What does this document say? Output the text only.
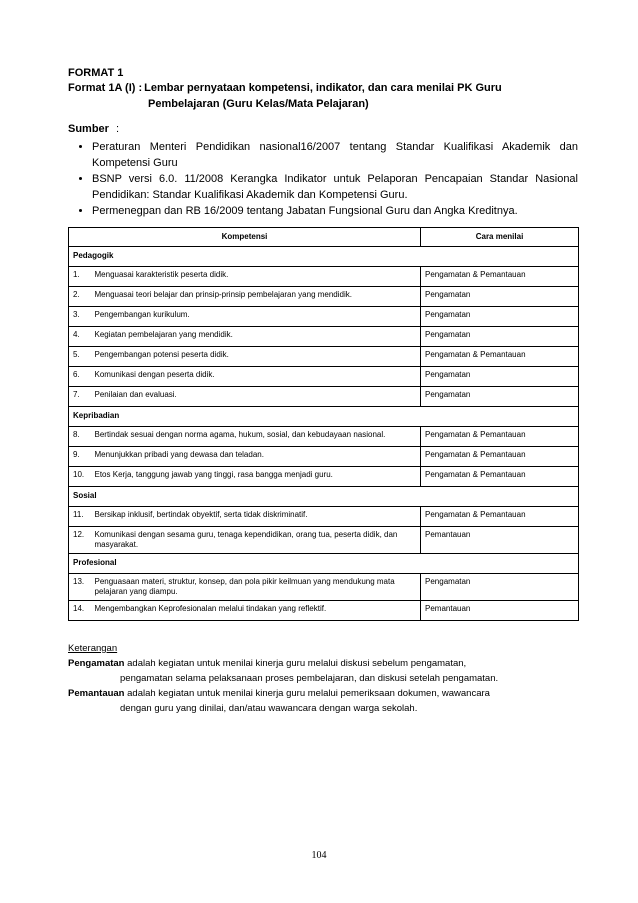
FORMAT 1
Format 1A (I) : Lembar pernyataan kompetensi, indikator, dan cara menilai PK Guru
Pembelajaran (Guru Kelas/Mata Pelajaran)
Sumber :
• Peraturan Menteri Pendidikan nasional16/2007 tentang Standar Kualifikasi Akademik dan Kompetensi Guru
• BSNP versi 6.0. 11/2008 Kerangka Indikator untuk Pelaporan Pencapaian Standar Nasional Pendidikan: Standar Kualifikasi Akademik dan Kompetensi Guru.
• Permenegpan dan RB 16/2009 tentang Jabatan Fungsional Guru dan Angka Kreditnya.
Kompetensi		Cara menilai
Pedagogik		
1.	Menguasai karakteristik peserta didik.	Pengamatan & Pemantauan
2.	Menguasai teori belajar dan prinsip-prinsip pembelajaran yang mendidik.	Pengamatan
3.	Pengembangan kurikulum.	Pengamatan
4.	Kegiatan pembelajaran yang mendidik.	Pengamatan
5.	Pengembangan potensi peserta didik.	Pengamatan & Pemantauan
6.	Komunikasi dengan peserta didik.	Pengamatan
7.	Penilaian dan evaluasi.	Pengamatan
Kepribadian		
8.	Bertindak sesuai dengan norma agama, hukum, sosial, dan kebudayaan nasional.	Pengamatan & Pemantauan
9.	Menunjukkan pribadi yang dewasa dan teladan.	Pengamatan & Pemantauan
10.	Etos Kerja, tanggung jawab yang tinggi, rasa bangga menjadi guru.	Pengamatan & Pemantauan
Sosial		
11.	Bersikap inklusif, bertindak obyektif, serta tidak diskriminatif.	Pengamatan & Pemantauan
12.	Komunikasi dengan sesama guru, tenaga kependidikan, orang tua, peserta didik, dan masyarakat.	Pemantauan
Profesional		
13.	Penguasaan materi, struktur, konsep, dan pola pikir keilmuan yang mendukung mata pelajaran yang diampu.	Pengamatan
14.	Mengembangkan Keprofesionalan melalui tindakan yang reflektif.	Pemantauan
Keterangan
Pengamatan adalah kegiatan untuk menilai kinerja guru melalui diskusi sebelum pengamatan,
pengamatan selama pelaksanaan proses pembelajaran, dan diskusi setelah pengamatan.
Pemantauan adalah kegiatan untuk menilai kinerja guru melalui pemeriksaan dokumen, wawancara
dengan guru yang dinilai, dan/atau wawancara dengan warga sekolah.
104
